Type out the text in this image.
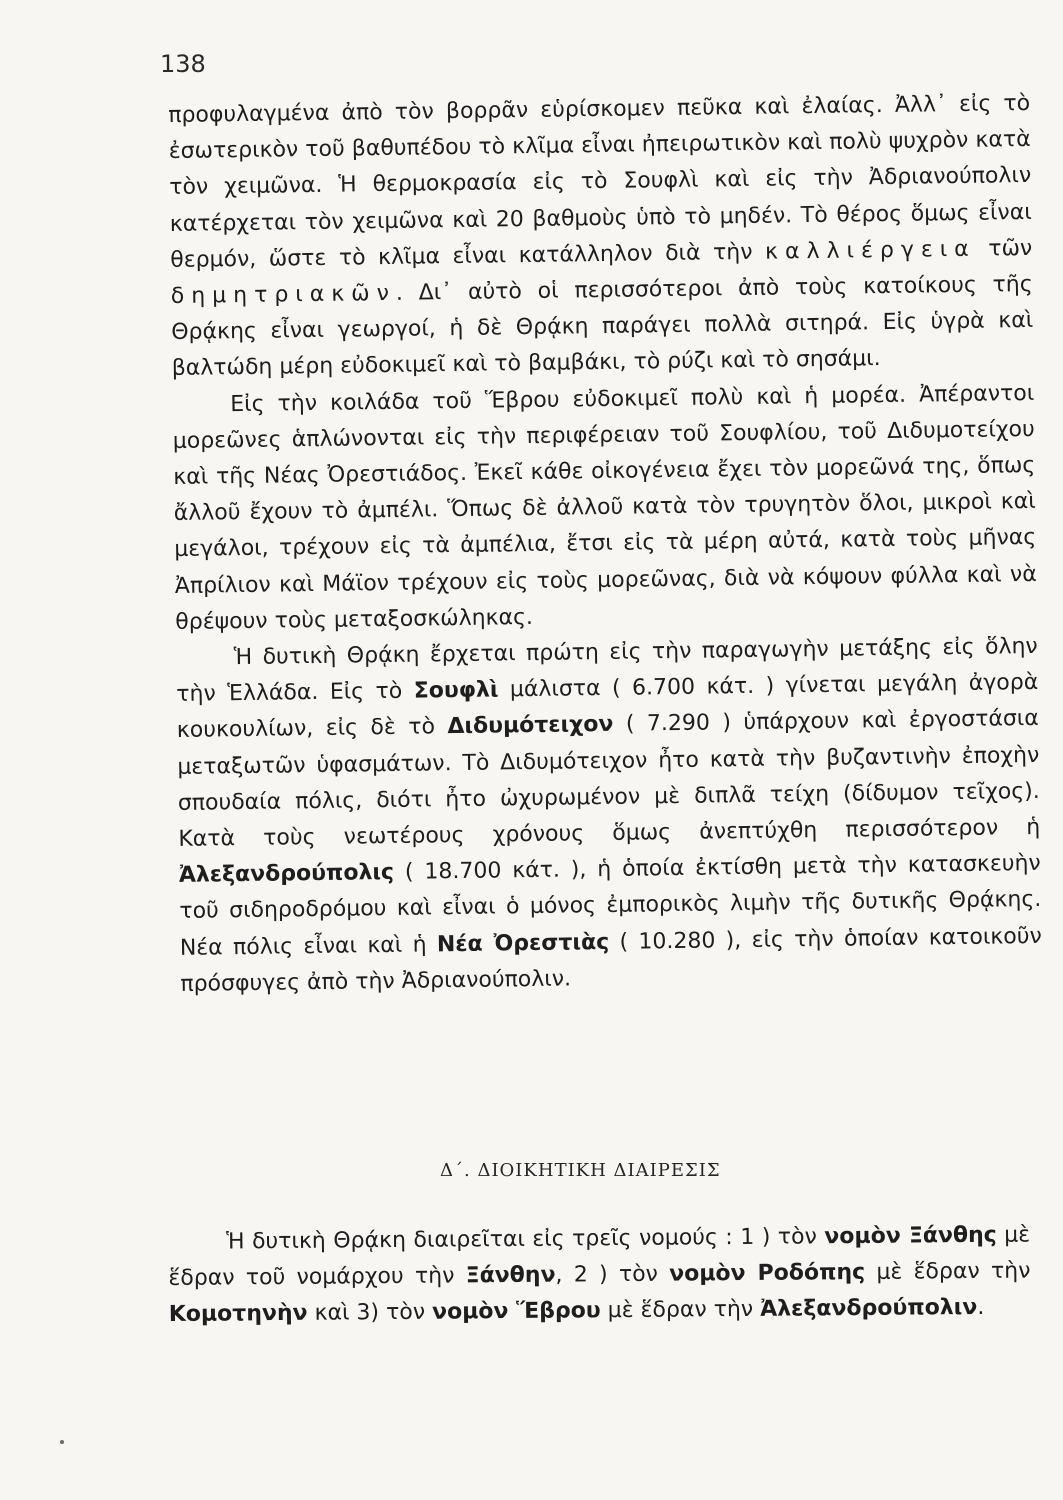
138

προφυλαγμένα ἀπὸ τὸν βορρᾶν εὑρίσκομεν πεῦκα καὶ ἐλαίας. Ἀλλ᾽ εἰς τὸ ἐσωτερικὸν τοῦ βαθυπέδου τὸ κλῖμα εἶναι ἠπειρωτικὸν καὶ πολὺ ψυχρὸν κατὰ τὸν χειμῶνα. Ἡ θερμοκρασία εἰς τὸ Σουφλὶ καὶ εἰς τὴν Ἀδριανούπολιν κατέρχεται τὸν χειμῶνα καὶ 20 βαθμοὺς ὑπὸ τὸ μηδέν. Τὸ θέρος ὅμως εἶναι θερμόν, ὥστε τὸ κλῖμα εἶναι κατάλληλον διὰ τὴν καλλιέργεια τῶν δημητριακῶν. Δι᾽ αὐτὸ οἱ περισσότεροι ἀπὸ τοὺς κατοίκους τῆς Θρᾴκης εἶναι γεωργοί, ἡ δὲ Θρᾴκη παράγει πολλὰ σιτηρά. Εἰς ὑγρὰ καὶ βαλτώδη μέρη εὐδοκιμεῖ καὶ τὸ βαμβάκι, τὸ ρύζι καὶ τὸ σησάμι.

Εἰς τὴν κοιλάδα τοῦ Ἕβρου εὐδοκιμεῖ πολὺ καὶ ἡ μορέα. Ἀπέραντοι μορεῶνες ἁπλώνονται εἰς τὴν περιφέρειαν τοῦ Σουφλίου, τοῦ Διδυμοτείχου καὶ τῆς Νέας Ὀρεστιάδος. Ἐκεῖ κάθε οἰκογένεια ἔχει τὸν μορεῶνά της, ὅπως ἄλλοῦ ἔχουν τὸ ἀμπέλι. Ὅπως δὲ ἀλλοῦ κατὰ τὸν τρυγητὸν ὅλοι, μικροὶ καὶ μεγάλοι, τρέχουν εἰς τὰ ἀμπέλια, ἔτσι εἰς τὰ μέρη αὐτά, κατὰ τοὺς μῆνας Ἀπρίλιον καὶ Μάϊον τρέχουν εἰς τοὺς μορεῶνας, διὰ νὰ κόψουν φύλλα καὶ νὰ θρέψουν τοὺς μεταξοσκώληκας.

Ἡ δυτικὴ Θρᾴκη ἔρχεται πρώτη εἰς τὴν παραγωγὴν μετάξης εἰς ὅλην τὴν Ἑλλάδα. Εἰς τὸ Σουφλὶ μάλιστα ( 6.700 κάτ. ) γίνεται μεγάλη ἀγορὰ κουκουλίων, εἰς δὲ τὸ Διδυμότειχον ( 7.290 ) ὑπάρχουν καὶ ἐργοστάσια μεταξωτῶν ὑφασμάτων. Τὸ Διδυμότειχον ἦτο κατὰ τὴν βυζαντινὴν ἐποχὴν σπουδαία πόλις, διότι ἦτο ὠχυρωμένον μὲ διπλᾶ τείχη (δίδυμον τεῖχος). Κατὰ τοὺς νεωτέρους χρόνους ὅμως ἀνεπτύχθη περισσότερον ἡ Ἀλεξανδρούπολις ( 18.700 κάτ. ), ἡ ὁποία ἐκτίσθη μετὰ τὴν κατασκευὴν τοῦ σιδηροδρόμου καὶ εἶναι ὁ μόνος ἐμπορικὸς λιμὴν τῆς δυτικῆς Θρᾴκης. Νέα πόλις εἶναι καὶ ἡ Νέα Ὀρεστιὰς ( 10.280 ), εἰς τὴν ὁποίαν κατοικοῦν πρόσφυγες ἀπὸ τὴν Ἀδριανούπολιν.

Δ΄. ΔΙΟΙΚΗΤΙΚΗ ΔΙΑΙΡΕΣΙΣ

Ἡ δυτικὴ Θρᾴκη διαιρεῖται εἰς τρεῖς νομούς : 1 ) τὸν νομὸν Ξάνθης μὲ ἕδραν τοῦ νομάρχου τὴν Ξάνθην, 2 ) τὸν νομὸν Ροδόπης μὲ ἕδραν τὴν Κομοτηνὴν καὶ 3) τὸν νομὸν Ἕβρου μὲ ἕδραν τὴν Ἀλεξανδρούπολιν.
